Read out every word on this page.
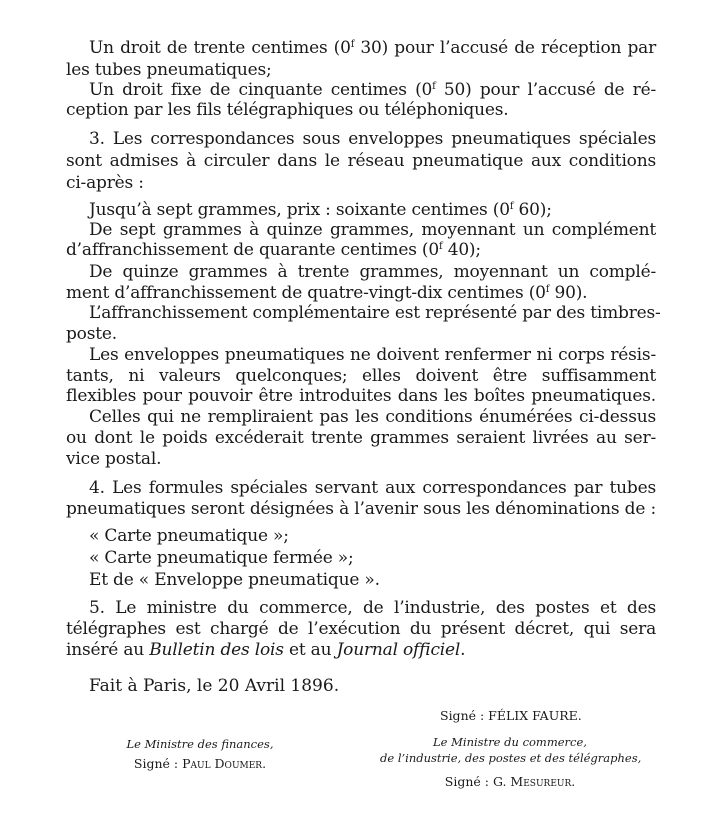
Un droit de trente centimes (0$^f$ 30) pour l’accusé de réception par
les tubes pneumatiques;
Un droit fixe de cinquante centimes (0$^f$ 50) pour l’accusé de ré-
ception par les fils télégraphiques ou téléphoniques.
3. Les correspondances sous enveloppes pneumatiques spéciales
sont admises à circuler dans le réseau pneumatique aux conditions
ci-après :
Jusqu’à sept grammes, prix : soixante centimes (0$^f$ 60);
De sept grammes à quinze grammes, moyennant un complément
d’affranchissement de quarante centimes (0$^f$ 40);
De quinze grammes à trente grammes, moyennant un complé-
ment d’affranchissement de quatre-vingt-dix centimes (0$^f$ 90).
L’affranchissement complémentaire est représenté par des timbres-
poste.
Les enveloppes pneumatiques ne doivent renfermer ni corps résis-
tants, ni valeurs quelconques; elles doivent être suffisamment
flexibles pour pouvoir être introduites dans les boîtes pneumatiques.
Celles qui ne rempliraient pas les conditions énumérées ci-dessus
ou dont le poids excéderait trente grammes seraient livrées au ser-
vice postal.
4. Les formules spéciales servant aux correspondances par tubes
pneumatiques seront désignées à l’avenir sous les dénominations de :
« Carte pneumatique »;
« Carte pneumatique fermée »;
Et de « Enveloppe pneumatique ».
5. Le ministre du commerce, de l’industrie, des postes et des
télégraphes est chargé de l’exécution du présent décret, qui sera
inséré au Bulletin des lois et au Journal officiel.
Fait à Paris, le 20 Avril 1896.
Signé : FÉLIX FAURE.
Le Ministre des finances,
Signé : Paul Doumer.
Le Ministre du commerce,
de l’industrie, des postes et des télégraphes,
Signé : G. Mesureur.
